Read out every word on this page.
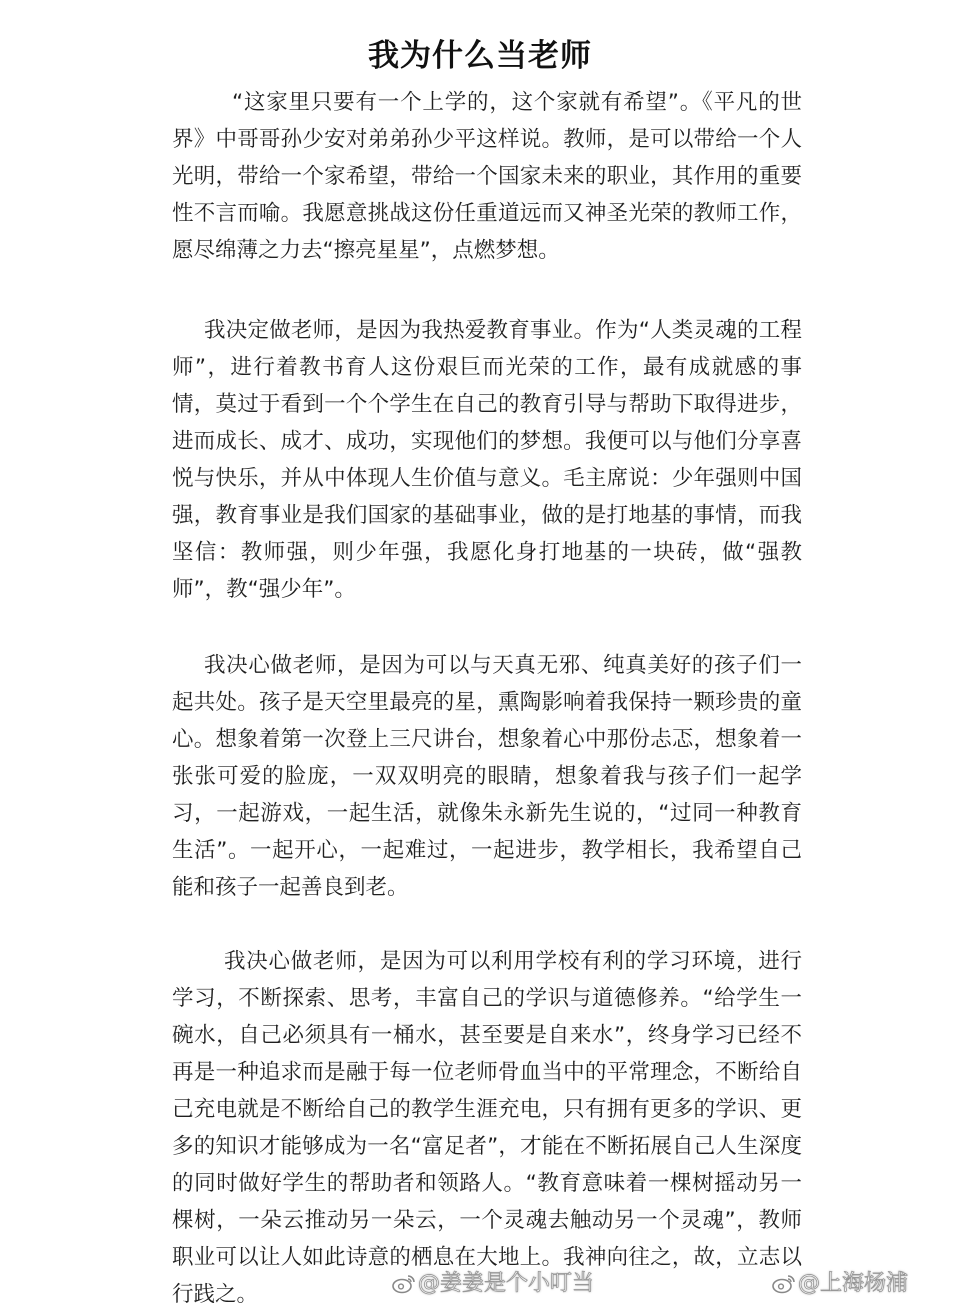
我为什么当老师

“这家里只要有一个上学的，这个家就有希望”。《平凡的世界》中哥哥孙少安对弟弟孙少平这样说。教师，是可以带给一个人光明，带给一个家希望，带给一个国家未来的职业，其作用的重要性不言而喻。我愿意挑战这份任重道远而又神圣光荣的教师工作，愿尽绵薄之力去“擦亮星星”，点燃梦想。

我决定做老师，是因为我热爱教育事业。作为“人类灵魂的工程师”，进行着教书育人这份艰巨而光荣的工作，最有成就感的事情，莫过于看到一个个学生在自己的教育引导与帮助下取得进步，进而成长、成才、成功，实现他们的梦想。我便可以与他们分享喜悦与快乐，并从中体现人生价值与意义。毛主席说：少年强则中国强，教育事业是我们国家的基础事业，做的是打地基的事情，而我坚信：教师强，则少年强，我愿化身打地基的一块砖，做“强教师”，教“强少年”。

我决心做老师，是因为可以与天真无邪、纯真美好的孩子们一起共处。孩子是天空里最亮的星，熏陶影响着我保持一颗珍贵的童心。想象着第一次登上三尺讲台，想象着心中那份忐忑，想象着一张张可爱的脸庞，一双双明亮的眼睛，想象着我与孩子们一起学习，一起游戏，一起生活，就像朱永新先生说的，“过同一种教育生活”。一起开心，一起难过，一起进步，教学相长，我希望自己能和孩子一起善良到老。

我决心做老师，是因为可以利用学校有利的学习环境，进行学习，不断探索、思考，丰富自己的学识与道德修养。“给学生一碗水，自己必须具有一桶水，甚至要是自来水”，终身学习已经不再是一种追求而是融于每一位老师骨血当中的平常理念，不断给自己充电就是不断给自己的教学生涯充电，只有拥有更多的学识、更多的知识才能够成为一名“富足者”，才能在不断拓展自己人生深度的同时做好学生的帮助者和领路人。“教育意味着一棵树摇动另一棵树，一朵云推动另一朵云，一个灵魂去触动另一个灵魂”，教师职业可以让人如此诗意的栖息在大地上。我神向往之，故，立志以行践之。	@姜姜是个小叮当	@上海杨浦
